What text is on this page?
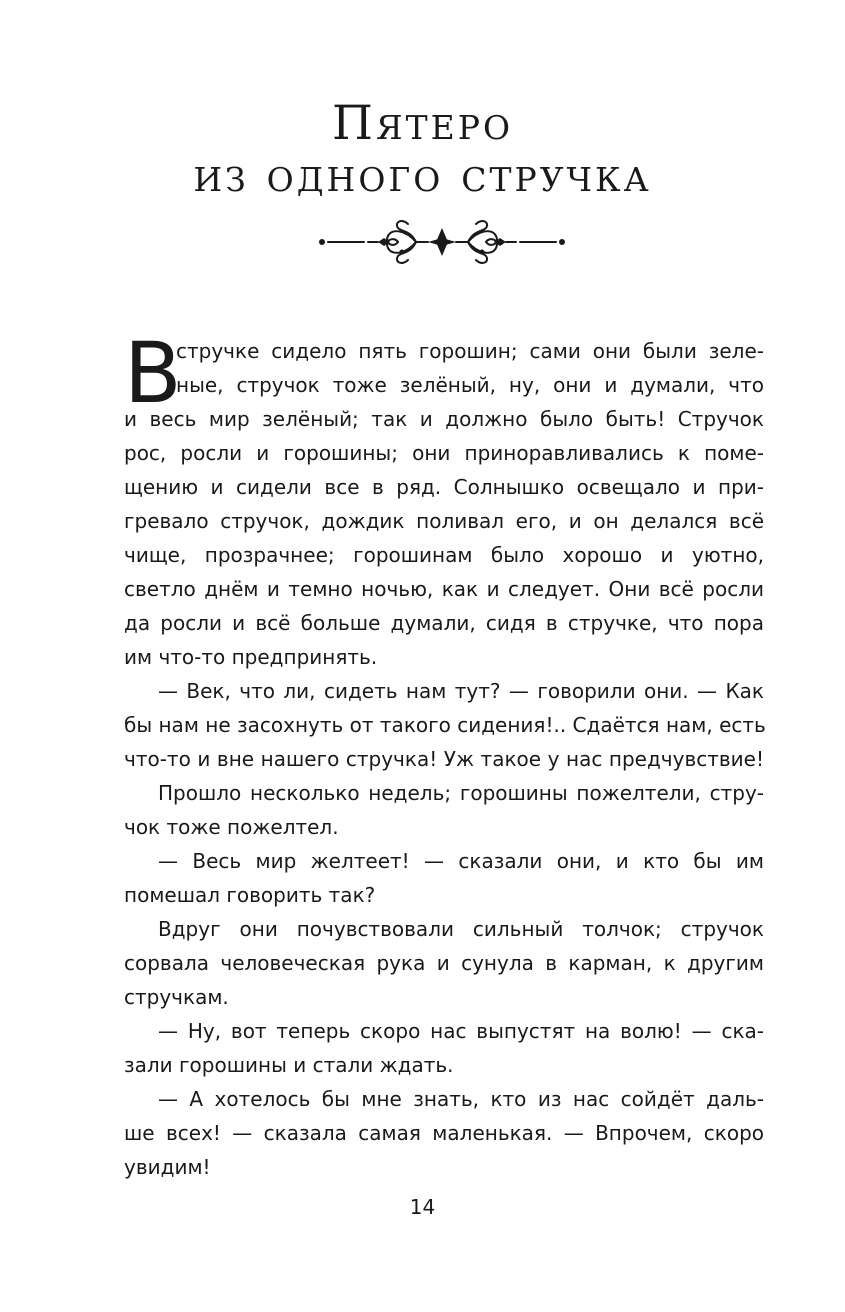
Пятеро
из одного стручка
В

стручке сидело пять горошин; сами они были зеле-

ные, стручок тоже зелёный, ну, они и думали, что

и весь мир зелёный; так и должно было быть! Стручок

рос, росли и горошины; они приноравливались к поме-

щению и сидели все в ряд. Солнышко освещало и при-

гревало стручок, дождик поливал его, и он делался всё

чище, прозрачнее; горошинам было хорошо и уютно,

светло днём и темно ночью, как и следует. Они всё росли

да росли и всё больше думали, сидя в стручке, что пора

им что-то предпринять.

— Век, что ли, сидеть нам тут? — говорили они. — Как

бы нам не засохнуть от такого сидения!.. Сдаётся нам, есть

что-то и вне нашего стручка! Уж такое у нас предчувствие!

Прошло несколько недель; горошины пожелтели, стру-

чок тоже пожелтел.

— Весь мир желтеет! — сказали они, и кто бы им

помешал говорить так?

Вдруг они почувствовали сильный толчок; стручок

сорвала человеческая рука и сунула в карман, к другим

стручкам.

— Ну, вот теперь скоро нас выпустят на волю! — ска-

зали горошины и стали ждать.

— А хотелось бы мне знать, кто из нас сойдёт даль-

ше всех! — сказала самая маленькая. — Впрочем, скоро

увидим!

14
